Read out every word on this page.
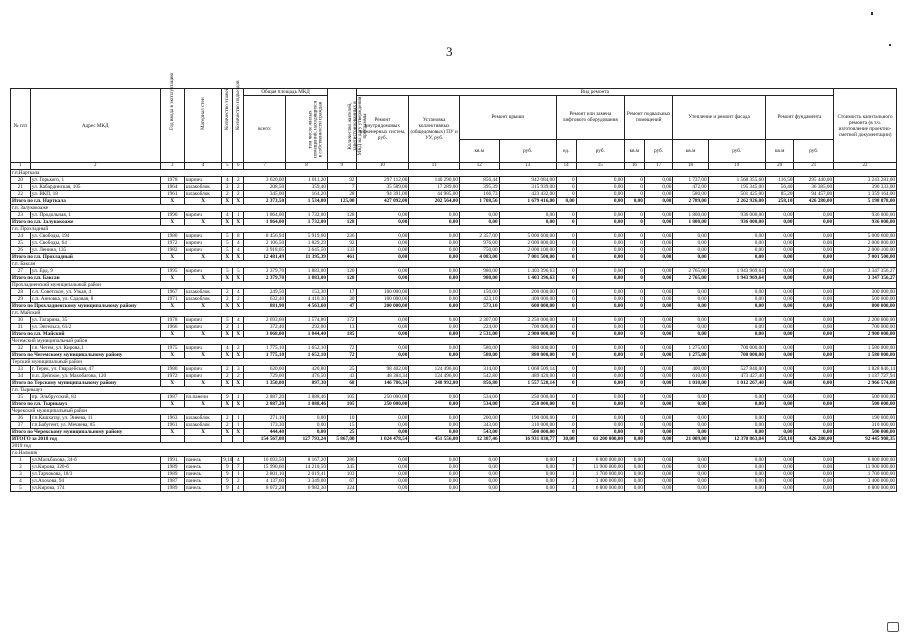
3
№ п/п	Адрес МКД	Год ввода в эксплуатацию	Материал стен	Количество этажей	Количество подъездов	Общая площадь МКД		Количество жителей, зарегистрированных в МКД на дату утверждения программы	Вид ремонта												Стоимость капитального ремонта (в т.ч. изготовление проектно-сметной документации)
						всего:	том числе жилых помещений, находящихся в собственности граждан		Ремонт внутридомовых инженерных систем, руб.	Установка коллективных (общедомовых) ПУ и УУ, руб.	Ремонт крыши		Ремонт или замена лифтового оборудования		Ремонт подвальных помещений		Утепление и ремонт фасада		Ремонт фундамента		
											кв.м	руб.	ед.	руб.	кв.м	руб.	кв.м	руб.	кв.м	руб.	
1	2	3	4	5	6	7	8	9	10	11	12	13	14	15	16	17	18	19	20	21	22
г.п.Нарткала																					
20	ул. Горького, 1	1978	кирпич	4	2	3 620,00	1 011,20	92	297 112,00	140 290,00	856,44	942 084,00	0	0,00	0	0,00	1 737,00	1 568 355,60	116,50	295 440,00	3 243 281,00
21	ул. Кабардинская, 105	1964	шлакоблок	2	2	208,50	359,40	7	35 589,00	17 289,00	395,39	315 939,00	0	0,00	0	0,00	472,00	195 345,00	56,40	36 385,00	390 333,00
22	ул. ВКП, 18	1961	шлакоблок	2	2	345,00	164,20	28	94 391,00	44 985,00	166,73	423 432,00	0	0,00	0	0,00	580,00	501 425,00	85,20	94 457,00	1 359 164,00
Итого по г.п. Нарткала		X	X	X	X	2 373,50	1 534,80	125,00	427 092,00	202 564,00	1 708,56	1 679 416,00	0,00	0,00	0,00	0,00	2 789,00	2 262 926,00	258,10	426 280,00	5 198 878,00
г.п. Залукокоаже																					
23	ул. Продольная, 1	1990	кирпич	4	1	1 864,00	1 732,00	128	0,00	0,00	0,00	0,00	0	0,00	0	0,00	1 800,00	936 000,00	0,00	0,00	936 000,00
Итого по г.п. Залукокоаже		X	X	X	X	1 864,00	1 732,00	128	0,00	0,00	0,00	0,00	0	0,00	0	0,00	1 800,00	936 000,00	0,00	0,00	936 000,00
г.п. Прохладный																					
24	ул. Свободы, 194	1980	кирпич	5	8	8 456,94	5 919,60	236	0,00	0,00	2 357,00	5 000 600,00	0	0,00	0	0,00	0,00	0,00	0,00	0,00	5 000 600,00
25	ул. Свободы, 64	1972	кирпич	5	4	2 106,50	1 829,29	92	0,00	0,00	976,00	2 000 800,00	0	0,00	0	0,00	0,00	0,00	0,00	0,00	2 000 800,00
26	ул. Ленина, 135	1982	кирпич	5	4	3 918,05	3 645,50	133	0,00	0,00	750,00	2 000 100,00	0	0,00	0	0,00	0,00	0,00	0,00	0,00	2 000 100,00
Итого по г.п. Прохладный		X	X	X	X	12 481,49	11 395,39	461	0,00	0,00	4 083,00	7 001 500,00	0	0,00	0	0,00	0,00	0,00	0,00	0,00	7 001 500,00
г.п. Баксан																					
27	ул. Ерд, 9	1995	кирпич	5	5	2 379,70	1 883,00	120	0,00	0,00	980,00	1 403 396,63	0	0,00	0	0,00	2 765,00	1 943 969,64	0,00	0,00	3 347 356,27
Итого по г.п. Баксан		X	X	X	X	2 379,70	1 883,00	120	0,00	0,00	980,00	1 403 396,63	0	0,00	0	0,00	2 765,00	1 943 969,64	0,00	0,00	3 347 356,27
Прохладненский муниципальный район																					
28	с.п. Советское, ул. Узкая, 4	1967	шлакоблок	2	4	249,50	153,30	17	100 000,00	0,00	150,00	200 000,00	0	0,00	0	0,00	0,00	0,00	0,00	0,00	300 000,00
29	с.п. Анновка, ул. Садовая, 8	1971	шлакоблок	2	2	632,40	4 410,30	30	100 000,00	0,00	423,10	400 000,00	0	0,00	0	0,00	0,00	0,00	0,00	0,00	500 000,00
Итого по Прохладненскому муниципальному району		X	X	X	X	881,90	4 563,60	47	200 000,00	0,00	573,10	600 000,00	0	0,00	0	0,00	0,00	0,00	0,00	0,00	800 000,00
г.п. Майский																					
30	ул. Гагарина, 35	1978	кирпич	5	4	2 693,60	1 574,80	172	0,00	0,00	2 307,00	2 250 000,00	0	0,00	0	0,00	0,00	0,00	0,00	0,00	2 200 000,00
31	ул. Энгельса, 61/2	1966	кирпич	2	1	372,40	292,00	13	0,00	0,00	224,00	700 000,00	0	0,00	0	0,00	0,00	0,00	0,00	0,00	700 000,00
Итого по г.п. Майский		X	X	X	X	3 068,00	1 844,40	185	0,00	0,00	2 531,00	2 900 000,00	0	0,00	0	0,00	0,00	0,00	0,00	0,00	2 900 000,00
Чегемский муниципальный район																					
32	г.п. Чегем, ул. Кирова,1	1975	кирпич	4	2	1 775,10	1 652,10	72	0,00	0,00	580,00	880 000,00	0	0,00	0	0,00	1 275,00	700 000,00	0,00	0,00	1 580 000,00
Итого по Чегемскому муниципальному району		X	X	X	X	1 775,10	1 652,10	72	0,00	0,00	580,00	880 000,00	0	0,00	0	0,00	1 275,00	700 000,00	0,00	0,00	1 580 000,00
Терский муниципальный район																					
33	г. Терек, ул. Гвардейская, 47	1980	кирпич	2	3	620,60	420,80	25	98 402,00	124 496,00	314,00	1 068 509,14	0	0,00	0	0,00	400,00	527 840,00	0,00	0,00	1 828 846,14
34	п.п. Дейское, ул. Махобагова, 120	1972	кирпич	2	2	729,00	476,50	43	48 384,34	124 496,00	542,80	489 420,00	0	0,00	0	0,00	610,00	473 427,40	0,00	0,00	1 137 727,94
Итого по Терскому муниципальному району		X	X	X	X	1 350,00	897,30	68	146 786,34	248 992,00	856,80	1 557 528,14	0	0,00	0	0,00	1 010,00	1 012 267,40	0,00	0,00	2 966 574,08
г.п. Тырныауз																					
35	пр. Эльбрусский, 83	1987	пл.панели	9	1	2 887,20	1 888,46	105	250 000,00	0,00	534,00	250 000,00	0	0,00	0	0,00	0,00	0,00	0,00	0,00	500 000,00
Итого по г.п. Тырныауз		X	X	X	X	2 887,20	1 888,46	105	250 000,00	0,00	534,00	250 000,00	0	0,00	0	0,00	0,00	0,00	0,00	0,00	500 000,00
Черекский муниципальный район																					
36	г.п.Кашхатау, ул. Энеева, 11	1963	шлакоблок	2	1	271,10	0,00	10	0,00	0,00	200,00	190 000,00	0	0,00	0	0,00	0,00	0,00	0,00	0,00	190 000,00
37	г.п.Бабугент, ул. Мечиева, 85	1961	шлакоблок	2	1	173,30	0,00	15	0,00	0,00	343,00	310 000,00	0	0,00	0	0,00	0,00	0,00	0,00	0,00	310 000,00
Итого по Черекскому муниципальному району		X	X	X	X	444,40	0,00	25	0,00	0,00	543,00	500 000,00	0	0,00	0	0,00	0,00	0,00	0,00	0,00	500 000,00
ИТОГО за 2018 год						154 567,08	127 793,24	5 867,00	1 024 478,54	451 556,00	12 387,46	16 931 830,77	30,00	61 200 000,00	0,00	0,00	21 009,00	12 370 863,04	258,10	426 280,00	92 445 908,35
2019 год																					
г.о.Нальчик																					
1	ул.Мальбахова, 34-б	1991	панель	9,10	4	10 693,50	8 167,20	286	0,00	0,00	0,00	0,00	4	6 800 000,00	0,00	0,00	0,00	0,00	0,00	0,00	6 800 000,00
2	ул.Кирова, 320-б	1989	панель	9	7	15 990,60	14 210,50	345	0,00	0,00	0,00	0,00	7	11 900 000,00	0,00	0,00	0,00	0,00	0,00	0,00	11 900 000,00
3	ул.Тарчокова, 18/3	1989	панель	9	1	2 801,10	2 019,41	103	0,00	0,00	0,00	0,00	1	1 700 000,00	0,00	0,00	0,00	0,00	0,00	0,00	1 700 000,00
4	ул.Ахохова, 94	1987	панель	9	2	4 137,60	3 349,00	67	0,00	0,00	0,00	0,00	2	3 400 000,00	0,00	0,00	0,00	0,00	0,00	0,00	3 400 000,00
5	ул.Кирова, 174	1989	панель	9	4	8 072,28	6 982,30	324	0,00	0,00	0,00	0,00	4	6 800 000,00	0,00	0,00	0,00	0,00	0,00	0,00	6 800 000,00
